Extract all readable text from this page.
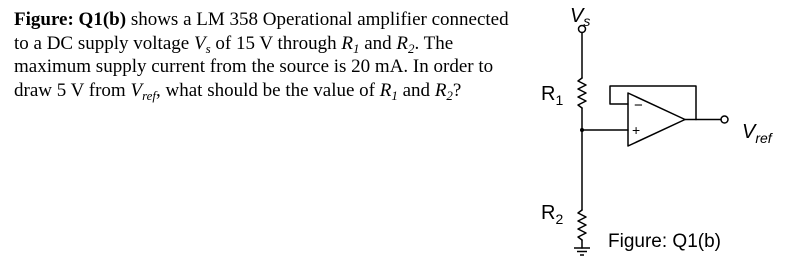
Figure: Q1(b) shows a LM 358 Operational amplifier connected to a DC supply voltage $V_s$ of 15 V through $R_1$ and $R_2$. The maximum supply current from the source is 20 mA. In order to draw 5 V from $V_{ref}$, what should be the value of $R_1$ and $R_2$?
$V_s$
$R_1$
$R_2$
$V_{ref}$
−
+
Figure: Q1(b)
